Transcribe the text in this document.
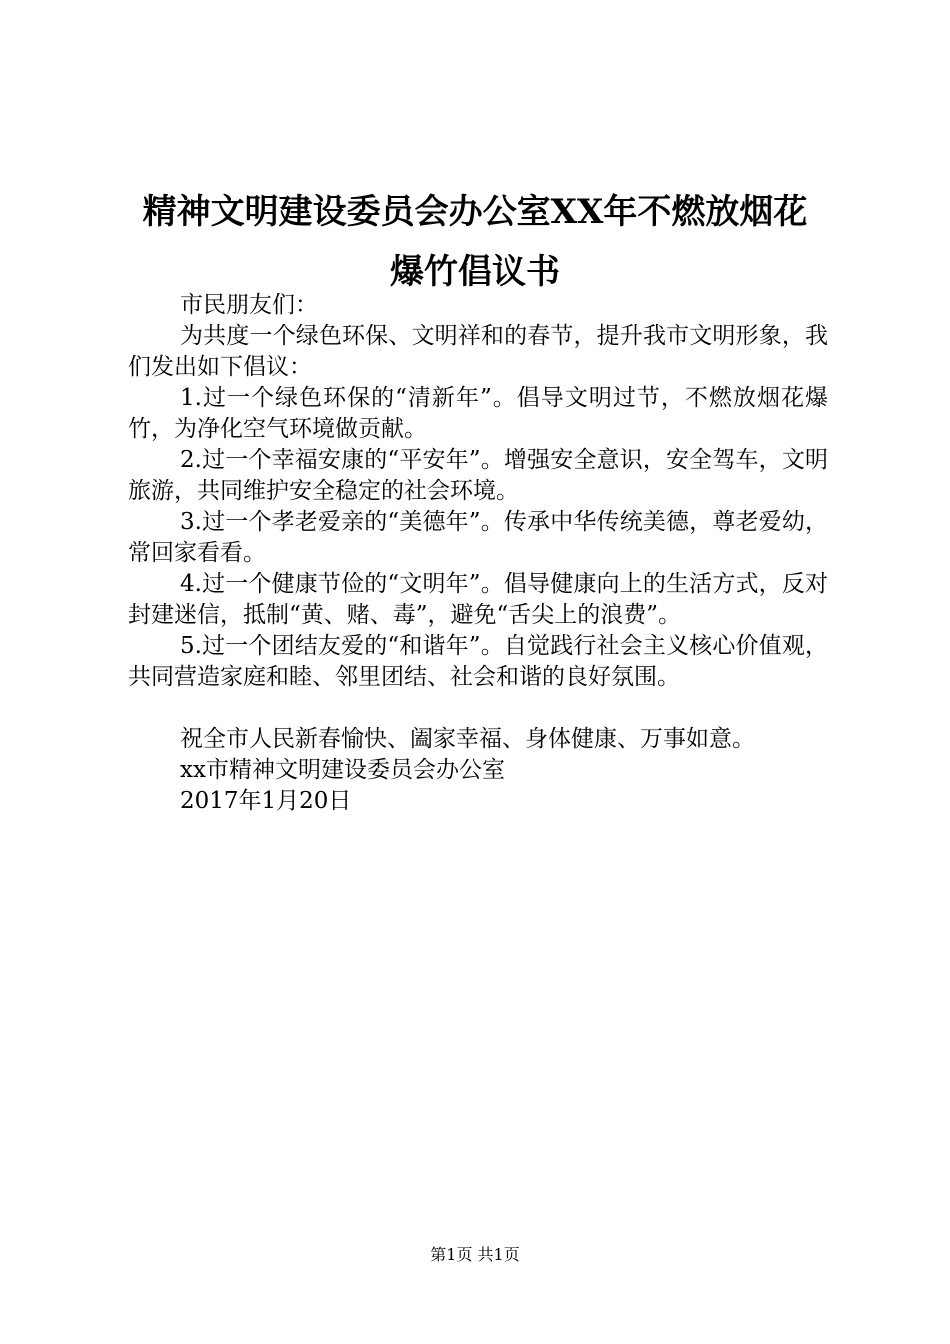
精神文明建设委员会办公室XX年不燃放烟花
爆竹倡议书

市民朋友们：

为共度一个绿色环保、文明祥和的春节，提升我市文明形象，我们发出如下倡议：

1.过一个绿色环保的“清新年”。倡导文明过节，不燃放烟花爆竹，为净化空气环境做贡献。

2.过一个幸福安康的“平安年”。增强安全意识，安全驾车，文明旅游，共同维护安全稳定的社会环境。

3.过一个孝老爱亲的“美德年”。传承中华传统美德，尊老爱幼，常回家看看。

4.过一个健康节俭的“文明年”。倡导健康向上的生活方式，反对封建迷信，抵制“黄、赌、毒”，避免“舌尖上的浪费”。

5.过一个团结友爱的“和谐年”。自觉践行社会主义核心价值观，共同营造家庭和睦、邻里团结、社会和谐的良好氛围。

祝全市人民新春愉快、阖家幸福、身体健康、万事如意。

xx市精神文明建设委员会办公室

2017年1月20日

第1页 共1页
